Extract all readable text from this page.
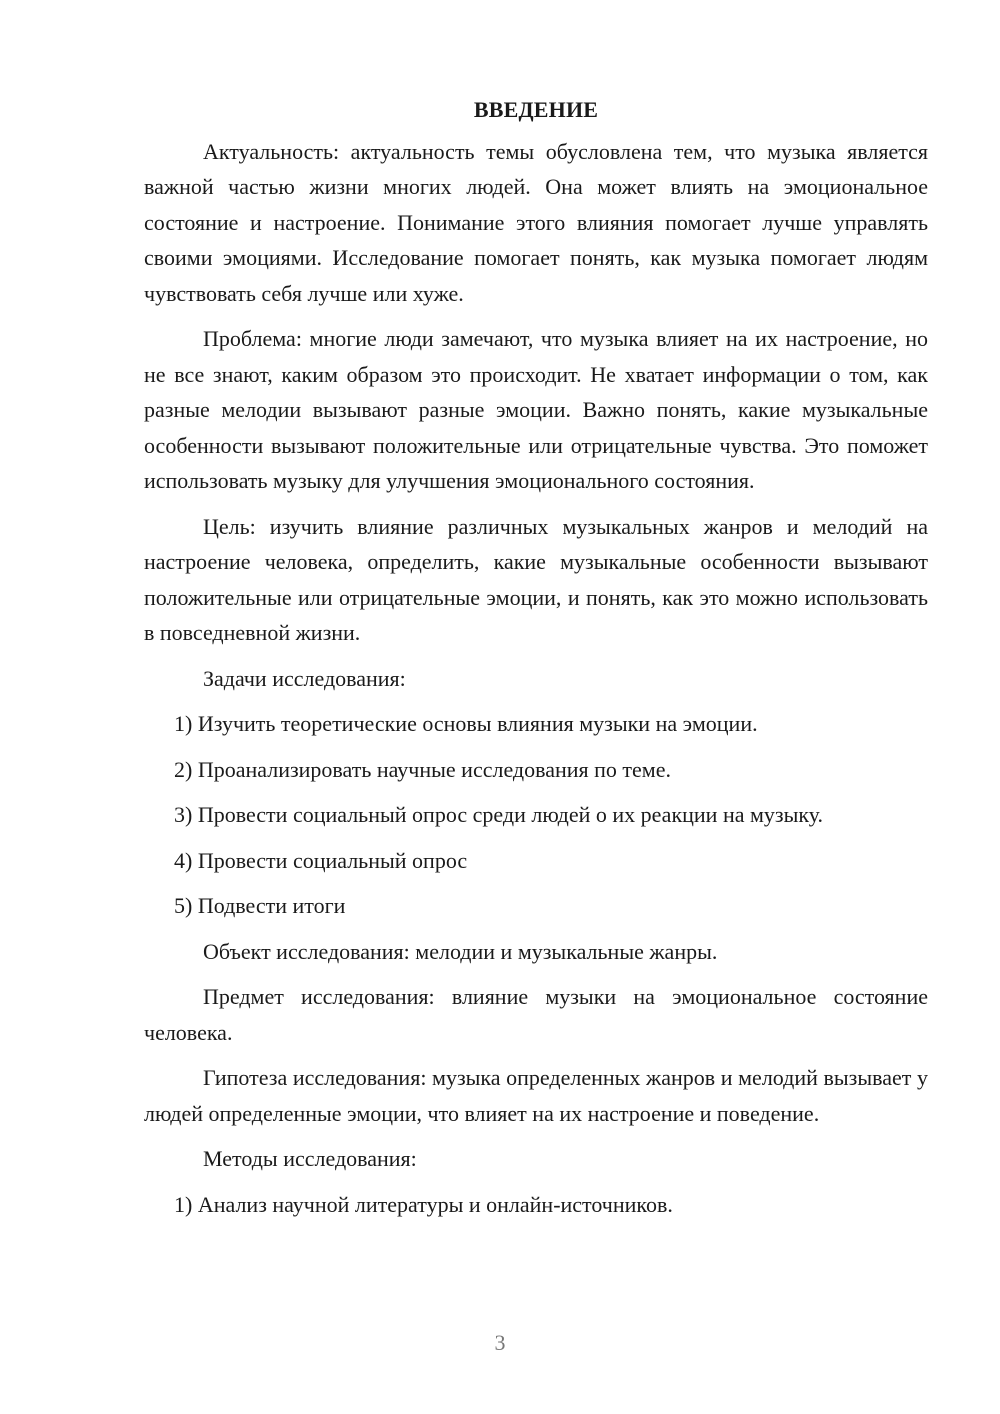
ВВЕДЕНИЕ

Актуальность: актуальность темы обусловлена тем, что музыка является важной частью жизни многих людей. Она может влиять на эмоциональное состояние и настроение. Понимание этого влияния помогает лучше управлять своими эмоциями. Исследование помогает понять, как музыка помогает людям чувствовать себя лучше или хуже.

Проблема: многие люди замечают, что музыка влияет на их настроение, но не все знают, каким образом это происходит. Не хватает информации о том, как разные мелодии вызывают разные эмоции. Важно понять, какие музыкальные особенности вызывают положительные или отрицательные чувства. Это поможет использовать музыку для улучшения эмоционального состояния.

Цель: изучить влияние различных музыкальных жанров и мелодий на настроение человека, определить, какие музыкальные особенности вызывают положительные или отрицательные эмоции, и понять, как это можно использовать в повседневной жизни.

Задачи исследования:

1) Изучить теоретические основы влияния музыки на эмоции.

2) Проанализировать научные исследования по теме.

3) Провести социальный опрос среди людей о их реакции на музыку.

4) Провести социальный опрос

5) Подвести итоги

Объект исследования: мелодии и музыкальные жанры.

Предмет исследования: влияние музыки на эмоциональное состояние человека.

Гипотеза исследования: музыка определенных жанров и мелодий вызывает у людей определенные эмоции, что влияет на их настроение и поведение.

Методы исследования:

1) Анализ научной литературы и онлайн-источников.

3
